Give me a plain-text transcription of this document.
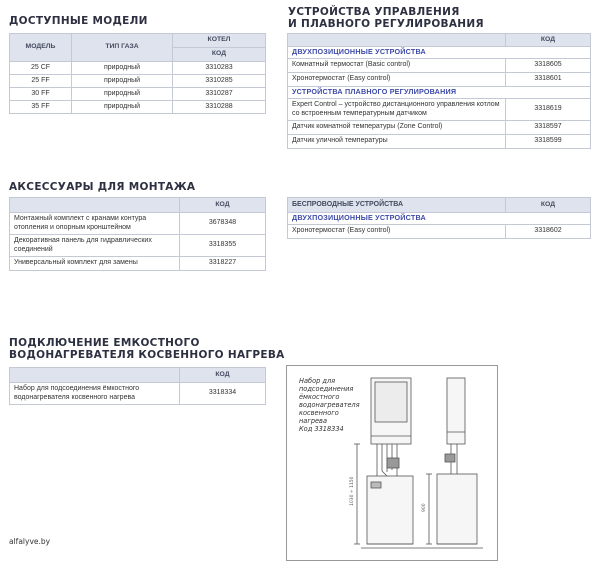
ДОСТУПНЫЕ МОДЕЛИ
МОДЕЛЬ	ТИП ГАЗА	КОТЕЛ
		КОД
25 CF	природный	3310283
25 FF	природный	3310285
30 FF	природный	3310287
35 FF	природный	3310288
УСТРОЙСТВА УПРАВЛЕНИЯ
И ПЛАВНОГО РЕГУЛИРОВАНИЯ
	КОД
ДВУХПОЗИЦИОННЫЕ УСТРОЙСТВА	
Комнатный термостат (Basic control)	3318605
Хронотермостат (Easy control)	3318601
УСТРОЙСТВА ПЛАВНОГО РЕГУЛИРОВАНИЯ	
Expert Control – устройство дистанционного управления котлом со встроенным температурным датчиком	3318619
Датчик комнатной температуры (Zone Control)	3318597
Датчик уличной температуры	3318599
АКСЕССУАРЫ ДЛЯ МОНТАЖА
	КОД
Монтажный комплект с кранами контура отопления и опорным кронштейном	3678348
Декоративная панель для гидравлических соединений	3318355
Универсальный комплект для замены	3318227
БЕСПРОВОДНЫЕ УСТРОЙСТВА	КОД
ДВУХПОЗИЦИОННЫЕ УСТРОЙСТВА	
Хронотермостат (Easy control)	3318602
ПОДКЛЮЧЕНИЕ ЕМКОСТНОГО
ВОДОНАГРЕВАТЕЛЯ КОСВЕННОГО НАГРЕВА
	КОД
Набор для подсоединения ёмкостного водонагревателя косвенного нагрева	3318334
1030 ÷ 1150
900
Набор для
подсоединения
ёмкостного
водонагревателя
косвенного
нагрева
Код 3318334
alfalyve.by
